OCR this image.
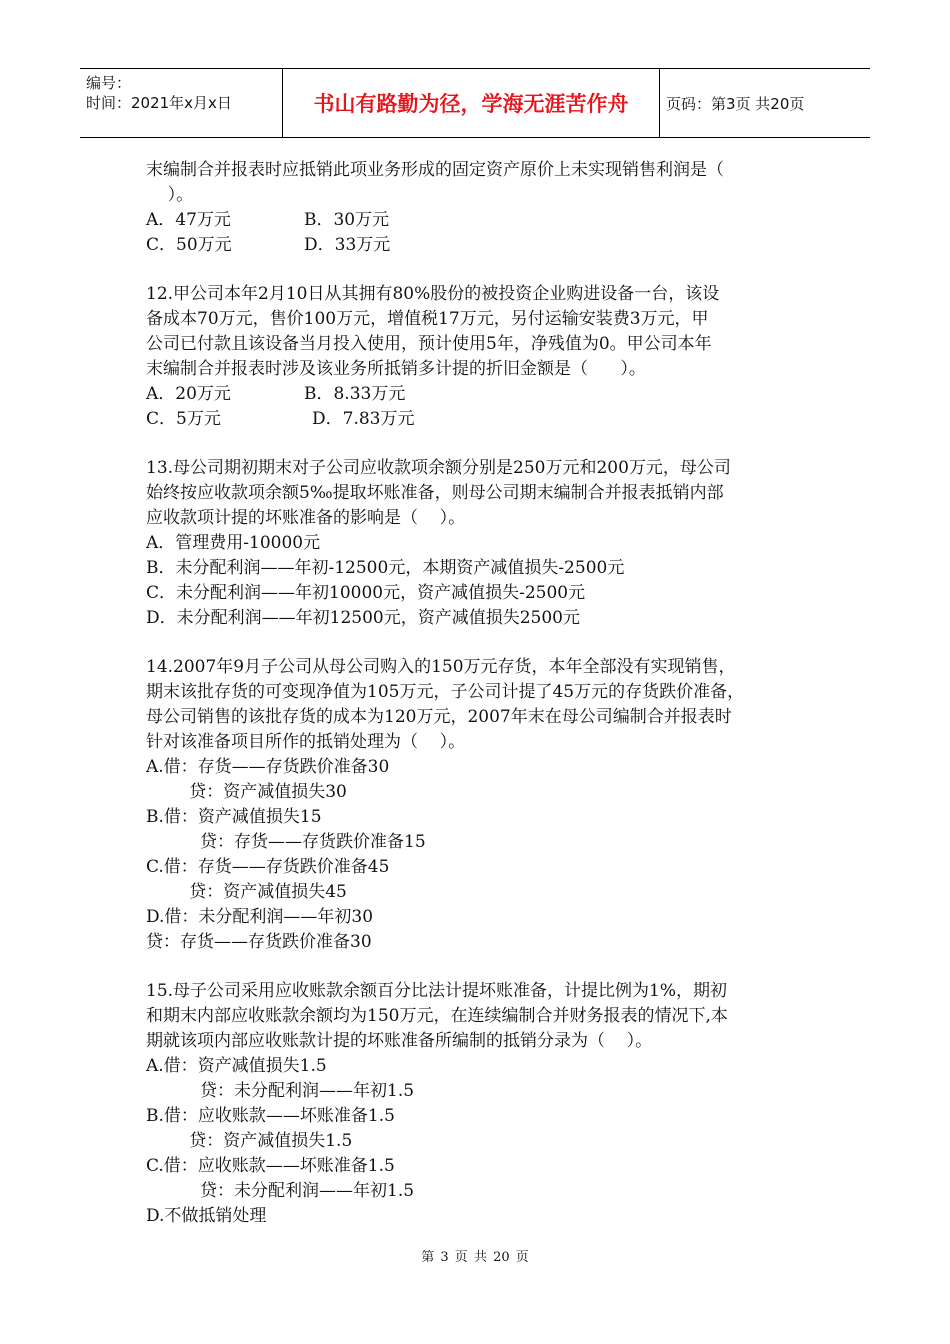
编号：
时间：2021年x月x日	书山有路勤为径，学海无涯苦作舟	页码：第3页 共20页
末编制合并报表时应抵销此项业务形成的固定资产原价上未实现销售利润是（
）。
A．47万元	B．30万元
C．50万元	D．33万元
12.甲公司本年2月10日从其拥有80%股份的被投资企业购进设备一台，该设
备成本70万元，售价100万元，增值税17万元，另付运输安装费3万元，甲
公司已付款且该设备当月投入使用，预计使用5年，净残值为0。甲公司本年
末编制合并报表时涉及该业务所抵销多计提的折旧金额是（      ）。
A．20万元	B．8.33万元
C．5万元	D．7.83万元
13.母公司期初期末对子公司应收款项余额分别是250万元和200万元，母公司
始终按应收款项余额5‰提取坏账准备，则母公司期末编制合并报表抵销内部
应收款项计提的坏账准备的影响是（    ）。
A．管理费用-10000元
B．未分配利润——年初-12500元，本期资产减值损失-2500元
C．未分配利润——年初10000元，资产减值损失-2500元
D．未分配利润——年初12500元，资产减值损失2500元
14.2007年9月子公司从母公司购入的150万元存货，本年全部没有实现销售，
期末该批存货的可变现净值为105万元，子公司计提了45万元的存货跌价准备，
母公司销售的该批存货的成本为120万元，2007年末在母公司编制合并报表时
针对该准备项目所作的抵销处理为（    ）。
A.借：存货——存货跌价准备30
贷：资产减值损失30
B.借：资产减值损失15
贷：存货——存货跌价准备15
C.借：存货——存货跌价准备45
贷：资产减值损失45
D.借：未分配利润——年初30
贷：存货——存货跌价准备30
15.母子公司采用应收账款余额百分比法计提坏账准备，计提比例为1%，期初
和期末内部应收账款余额均为150万元，在连续编制合并财务报表的情况下,本
期就该项内部应收账款计提的坏账准备所编制的抵销分录为（    ）。
A.借：资产减值损失1.5
贷：未分配利润——年初1.5
B.借：应收账款——坏账准备1.5
贷：资产减值损失1.5
C.借：应收账款——坏账准备1.5
贷：未分配利润——年初1.5
D.不做抵销处理
第 3 页 共 20 页
